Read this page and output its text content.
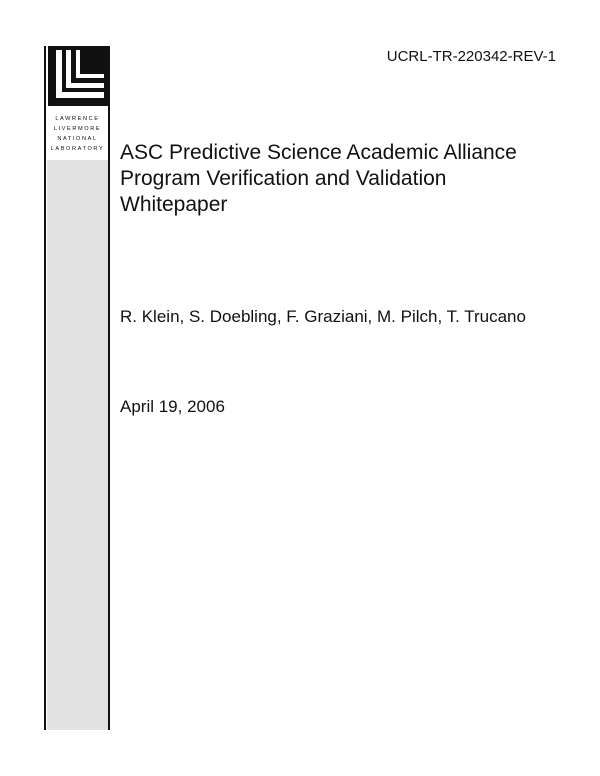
LAWRENCE
LIVERMORE
NATIONAL
LABORATORY
UCRL-TR-220342-REV-1
ASC Predictive Science Academic Alliance Program Verification and Validation Whitepaper
R. Klein, S. Doebling, F. Graziani, M. Pilch, T. Trucano
April 19, 2006
